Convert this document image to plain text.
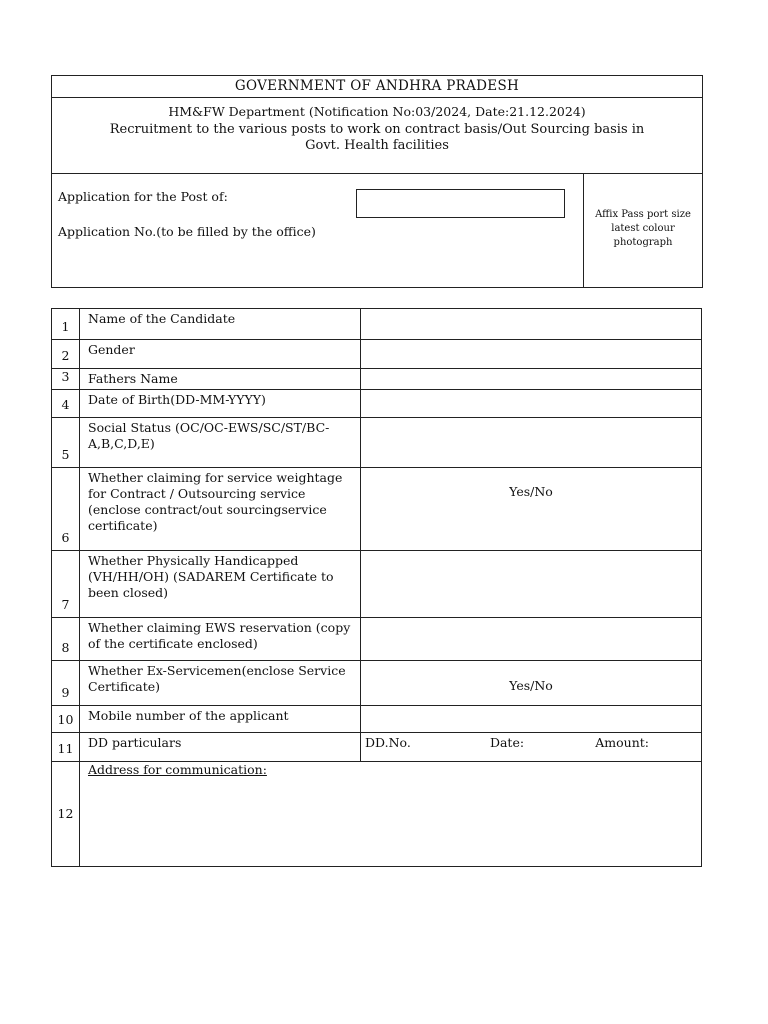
GOVERNMENT OF ANDHRA PRADESH
HM&FW Department (Notification No:03/2024, Date:21.12.2024)
Recruitment to the various posts to work on contract basis/Out Sourcing basis in
Govt. Health facilities
Application for the Post of:
Application No.(to be filled by the office)
Affix Pass port size latest colour photograph
1	Name of the Candidate	
2	Gender	
3	Fathers Name	
4	Date of Birth(DD-MM-YYYY)	
5	Social Status (OC/OC-EWS/SC/ST/BC-A,B,C,D,E)	
6	Whether claiming for service weightage for Contract / Outsourcing service (enclose contract/out sourcingservice certificate)	Yes/No

7	Whether Physically Handicapped (VH/HH/OH) (SADAREM Certificate to been closed)	
8	Whether claiming EWS reservation (copy of the certificate enclosed)	
9	Whether Ex-Servicemen(enclose Service Certificate)	Yes/No

10	Mobile number of the applicant	
11	DD particulars	DD.No. Date: Amount:

12	Address for communication:	
